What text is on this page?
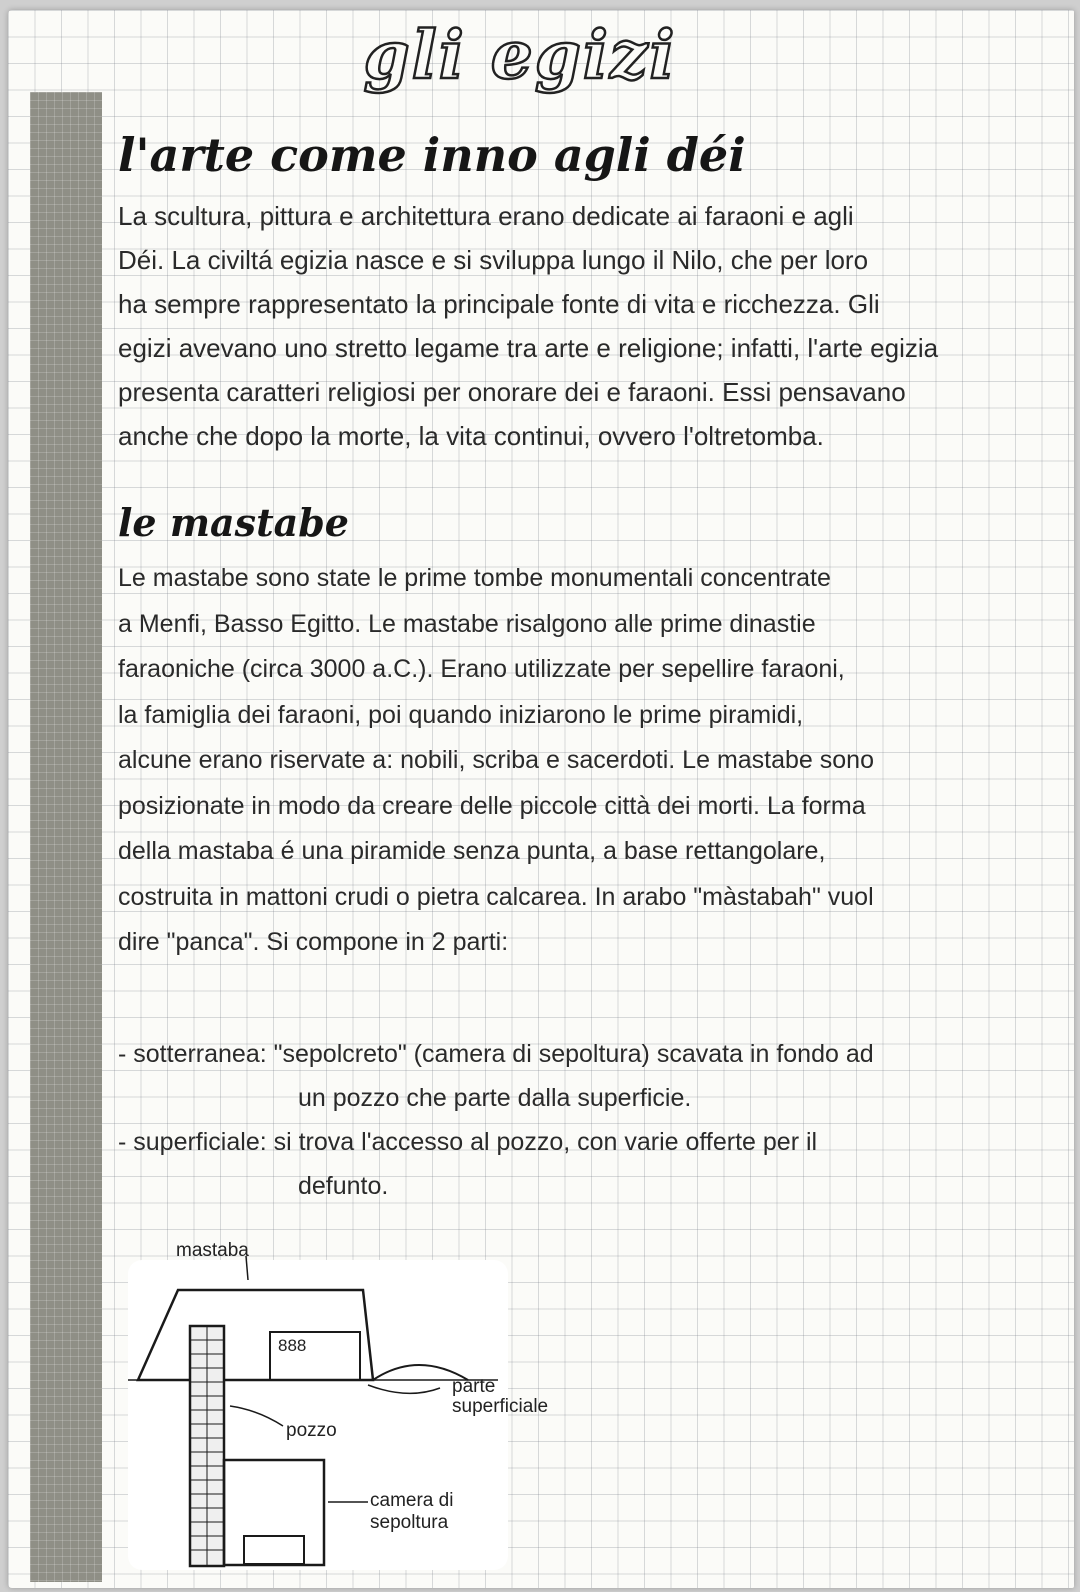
gli egizi
l'arte come inno agli déi
La scultura, pittura e architettura erano dedicate ai faraoni e agli
Déi. La civiltá egizia nasce e si sviluppa lungo il Nilo, che per loro
ha sempre rappresentato la principale fonte di vita e ricchezza. Gli
egizi avevano uno stretto legame tra arte e religione; infatti, l'arte egizia
presenta caratteri religiosi per onorare dei e faraoni. Essi pensavano
anche che dopo la morte, la vita continui, ovvero l'oltretomba.
le mastabe
Le mastabe sono state le prime tombe monumentali concentrate
a Menfi, Basso Egitto. Le mastabe risalgono alle prime dinastie
faraoniche (circa 3000 a.C.). Erano utilizzate per sepellire faraoni,
la famiglia dei faraoni, poi quando iniziarono le prime piramidi,
alcune erano riservate a: nobili, scriba e sacerdoti. Le mastabe sono
posizionate in modo da creare delle piccole città dei morti. La forma
della mastaba é una piramide senza punta, a base rettangolare,
costruita in mattoni crudi o pietra calcarea. In arabo "màstabah" vuol
dire "panca". Si compone in 2 parti:
- sotterranea: "sepolcreto" (camera di sepoltura) scavata in fondo ad
un pozzo che parte dalla superficie.
- superficiale: si trova l'accesso al pozzo, con varie offerte per il
defunto.
mastaba
888
pozzo
parte
superficiale
camera di
sepoltura
